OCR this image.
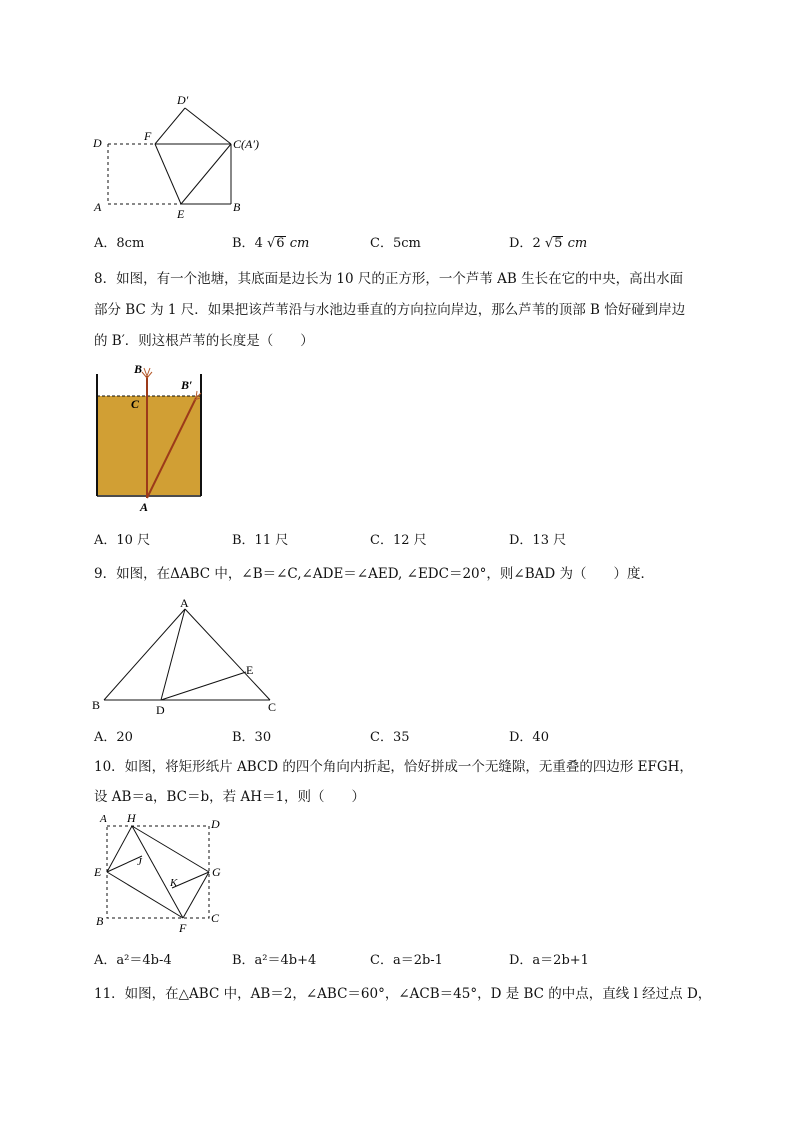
D′
D	F
C(A′)
A	E	B
A．8cm	B．4 √6 cm	C．5cm	D．2 √5 cm
8．如图，有一个池塘，其底面是边长为 10 尺的正方形，一个芦苇 AB 生长在它的中央，高出水面
部分 BC 为 1 尺．如果把该芦苇沿与水池边垂直的方向拉向岸边，那么芦苇的顶部 B 恰好碰到岸边
的 B′．则这根芦苇的长度是（　　）
B
C
B′
A
A．10 尺	B．11 尺	C．12 尺	D．13 尺
9．如图，在ΔABC 中，∠B＝∠C,∠ADE＝∠AED, ∠EDC＝20°，则∠BAD 为（　　）度．
A
B	C
D
E
A．20	B．30	C．35	D．40
10．如图，将矩形纸片 ABCD 的四个角向内折起，恰好拼成一个无缝隙，无重叠的四边形 EFGH，
设 AB＝a，BC＝b，若 AH＝1，则（　　）
A H	D
J
E
K
G
B	F
C
A．a²＝4b-4	B．a²＝4b+4	C．a＝2b-1	D．a＝2b+1
11．如图，在△ABC 中，AB＝2，∠ABC＝60°，∠ACB＝45°，D 是 BC 的中点，直线 l 经过点 D，
